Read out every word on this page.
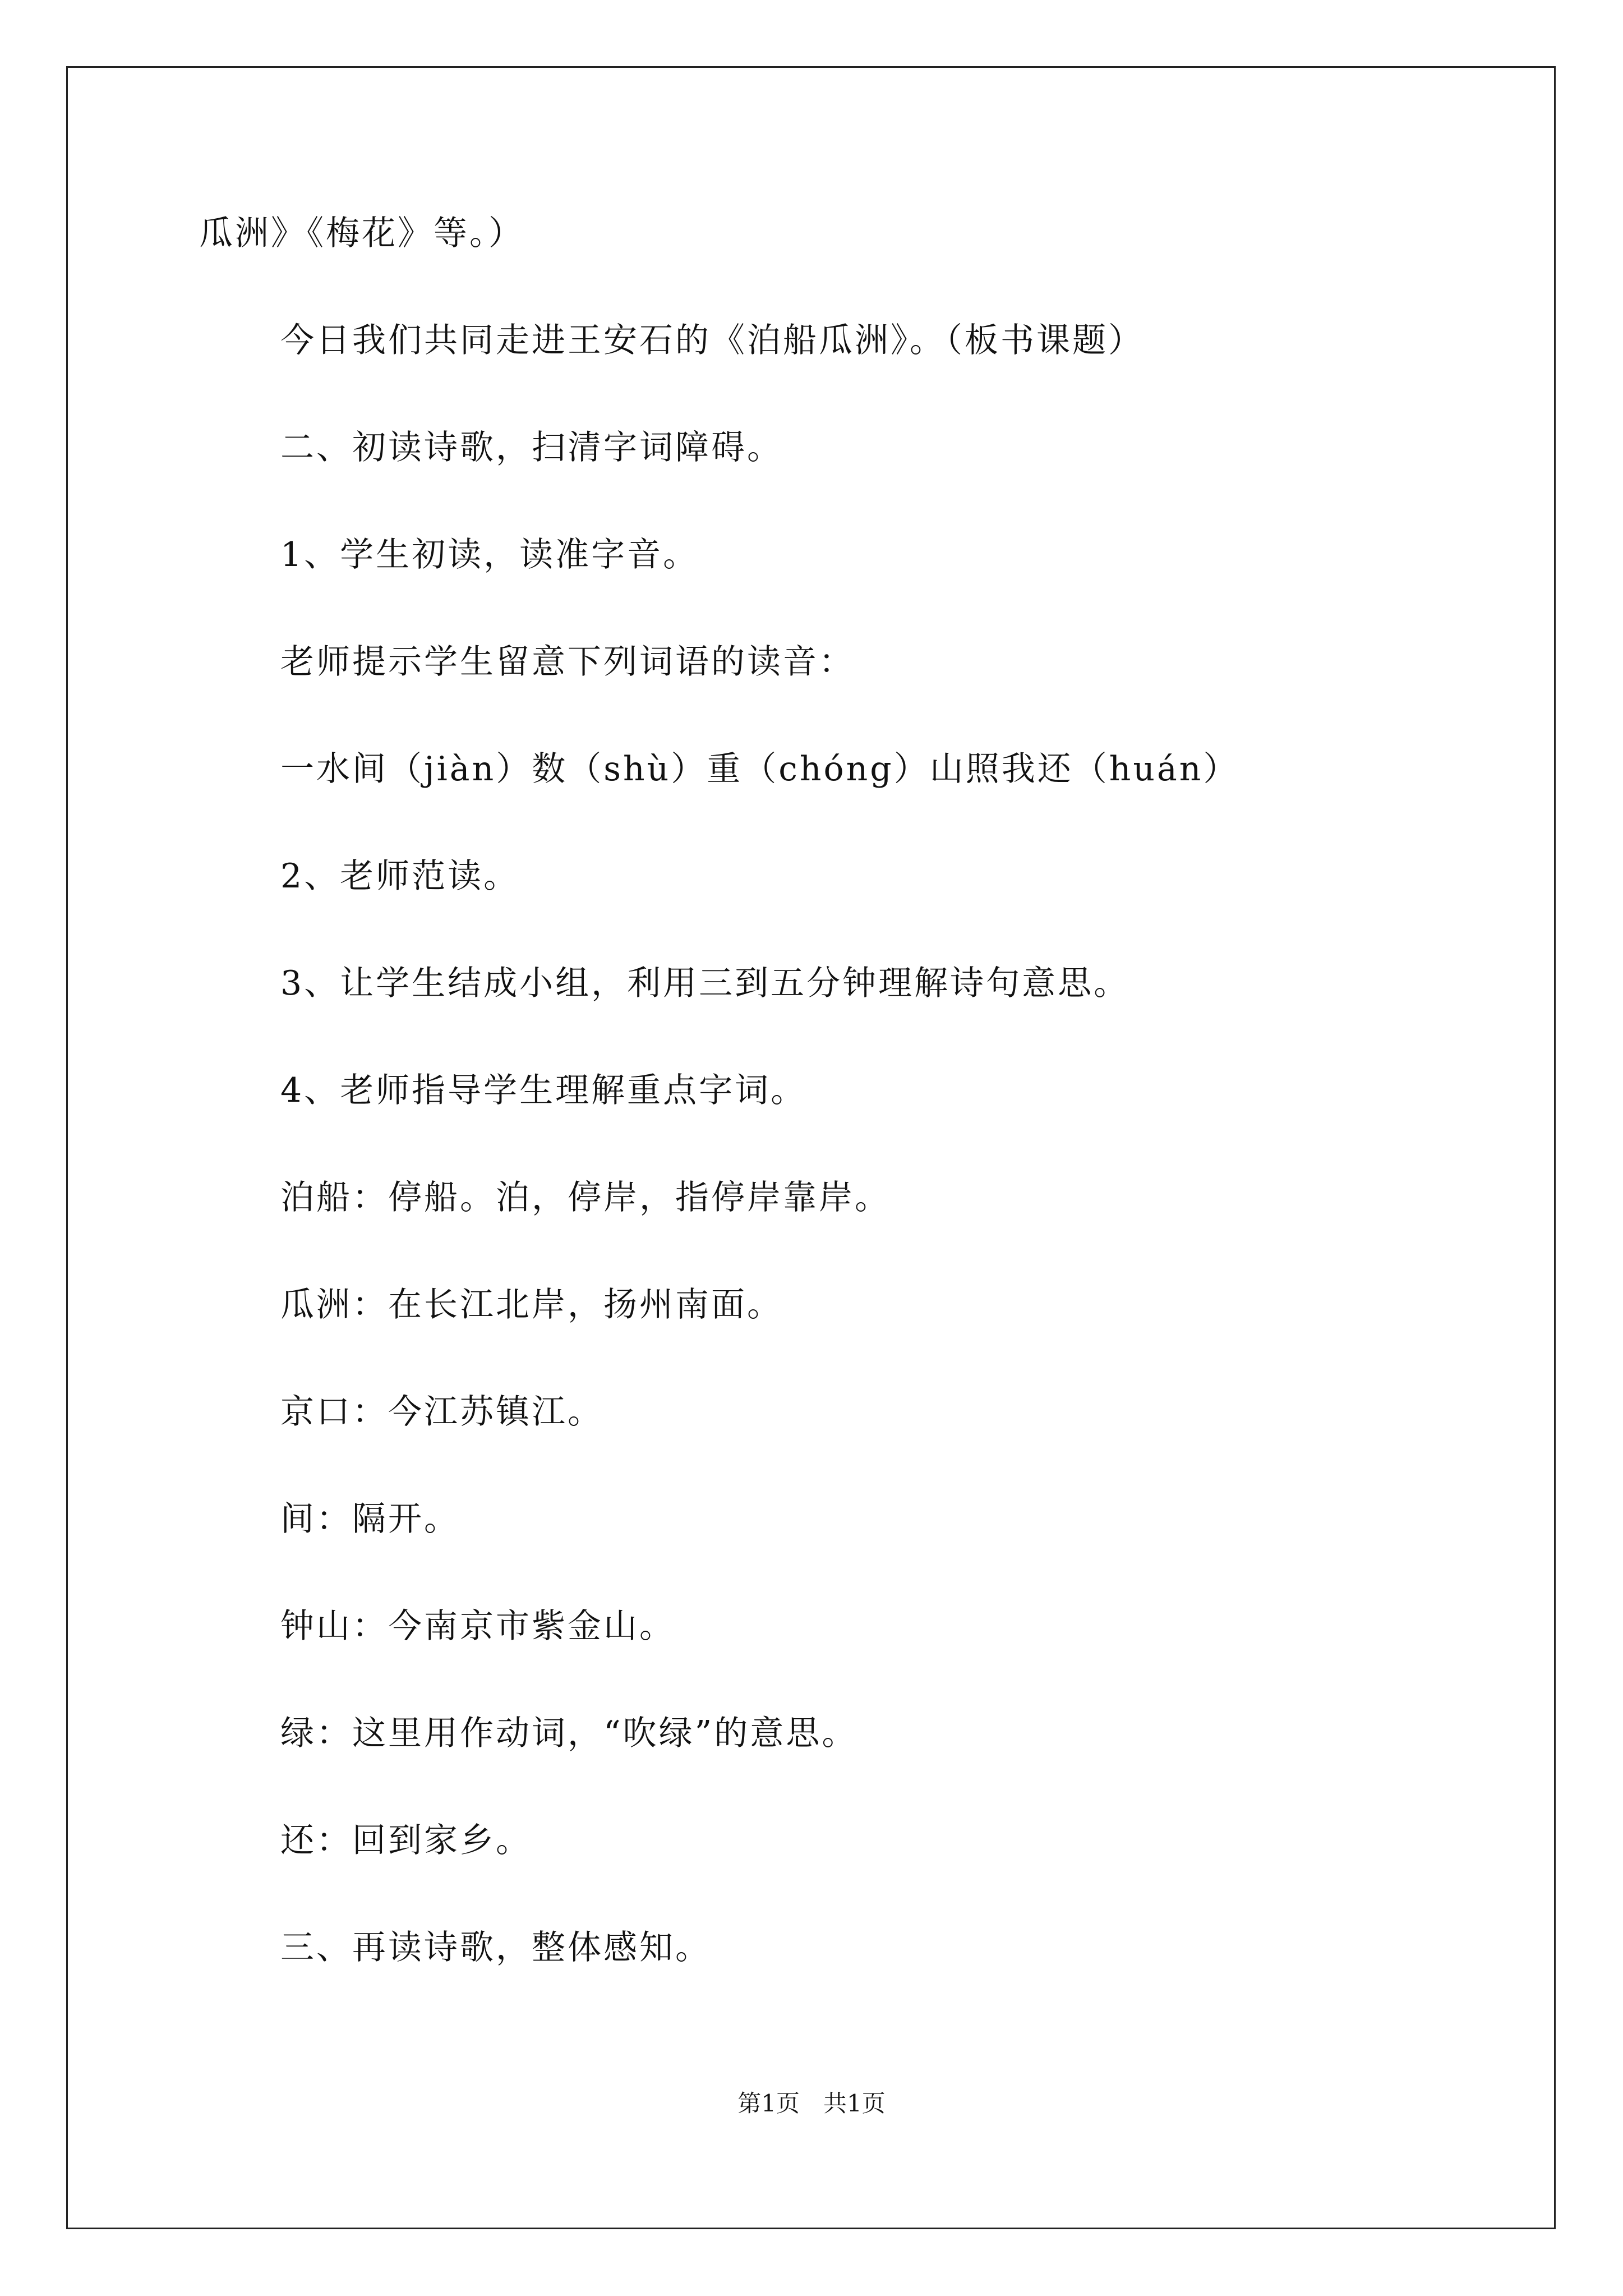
瓜洲》《梅花》等。）
今日我们共同走进王安石的《泊船瓜洲》。（板书课题）
二、初读诗歌，扫清字词障碍。
1、学生初读，读准字音。
老师提示学生留意下列词语的读音：
一水间（jiàn）数（shù）重（chóng）山照我还（huán）
2、老师范读。
3、让学生结成小组，利用三到五分钟理解诗句意思。
4、老师指导学生理解重点字词。
泊船：停船。泊，停岸，指停岸靠岸。
瓜洲：在长江北岸，扬州南面。
京口：今江苏镇江。
间：隔开。
钟山：今南京市紫金山。
绿：这里用作动词，“吹绿”的意思。
还：回到家乡。
三、再读诗歌，整体感知。
第1页　共1页
